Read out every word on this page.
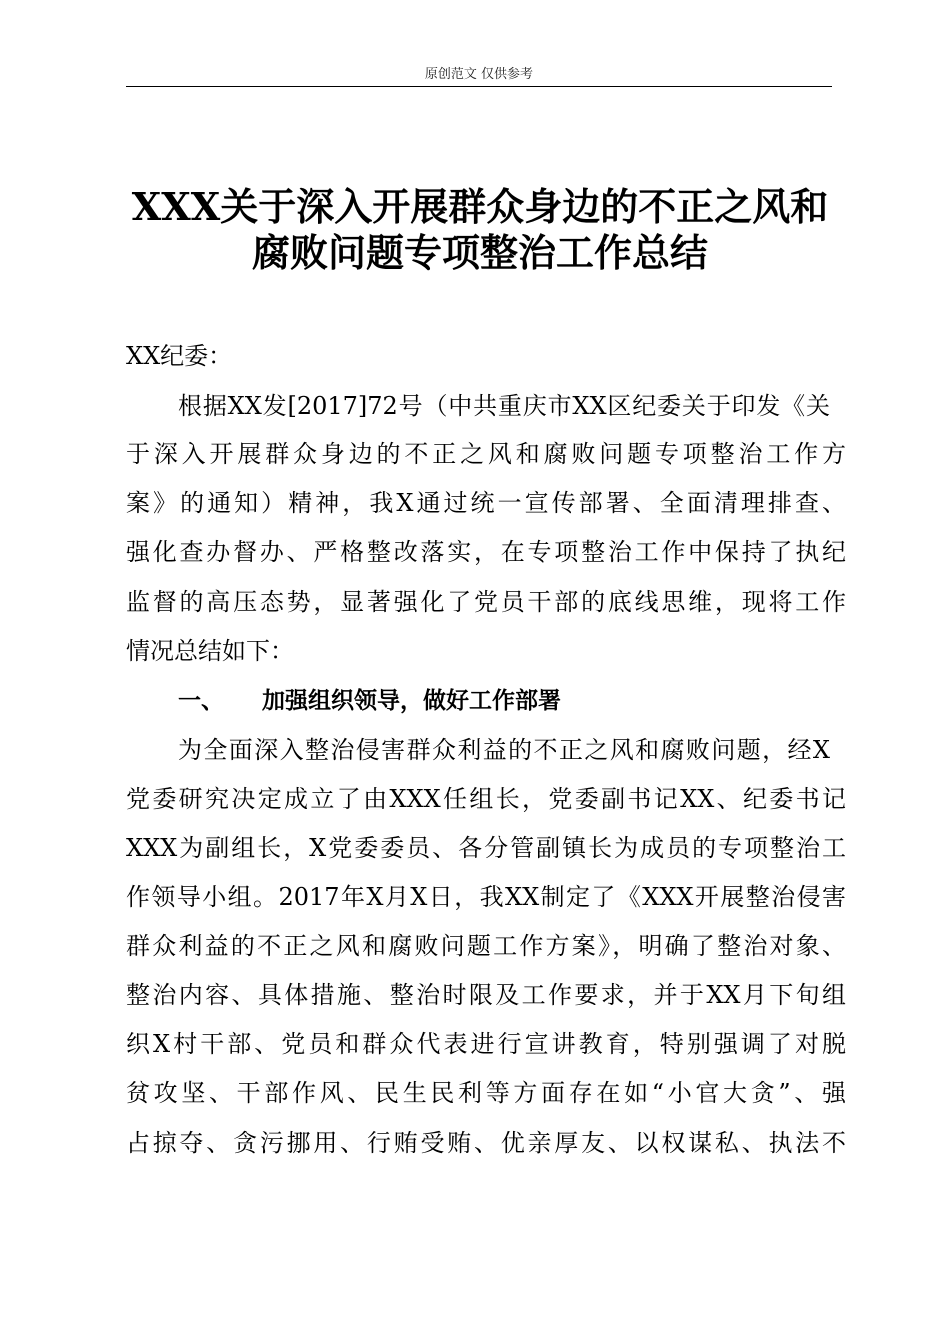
原创范文 仅供参考
XXX关于深入开展群众身边的不正之风和
腐败问题专项整治工作总结
XX纪委：
根据XX发[2017]72号（中共重庆市XX区纪委关于印发《关
于深入开展群众身边的不正之风和腐败问题专项整治工作方
案》的通知）精神，我X通过统一宣传部署、全面清理排查、
强化查办督办、严格整改落实，在专项整治工作中保持了执纪
监督的高压态势，显著强化了党员干部的底线思维，现将工作
情况总结如下：
一、 加强组织领导，做好工作部署
为全面深入整治侵害群众利益的不正之风和腐败问题，经X
党委研究决定成立了由XXX任组长，党委副书记XX、纪委书记
XXX为副组长，X党委委员、各分管副镇长为成员的专项整治工
作领导小组。2017年X月X日，我XX制定了《XXX开展整治侵害
群众利益的不正之风和腐败问题工作方案》，明确了整治对象、
整治内容、具体措施、整治时限及工作要求，并于XX月下旬组
织X村干部、党员和群众代表进行宣讲教育，特别强调了对脱
贫攻坚、干部作风、民生民利等方面存在如“小官大贪”、强
占掠夺、贪污挪用、行贿受贿、优亲厚友、以权谋私、执法不
